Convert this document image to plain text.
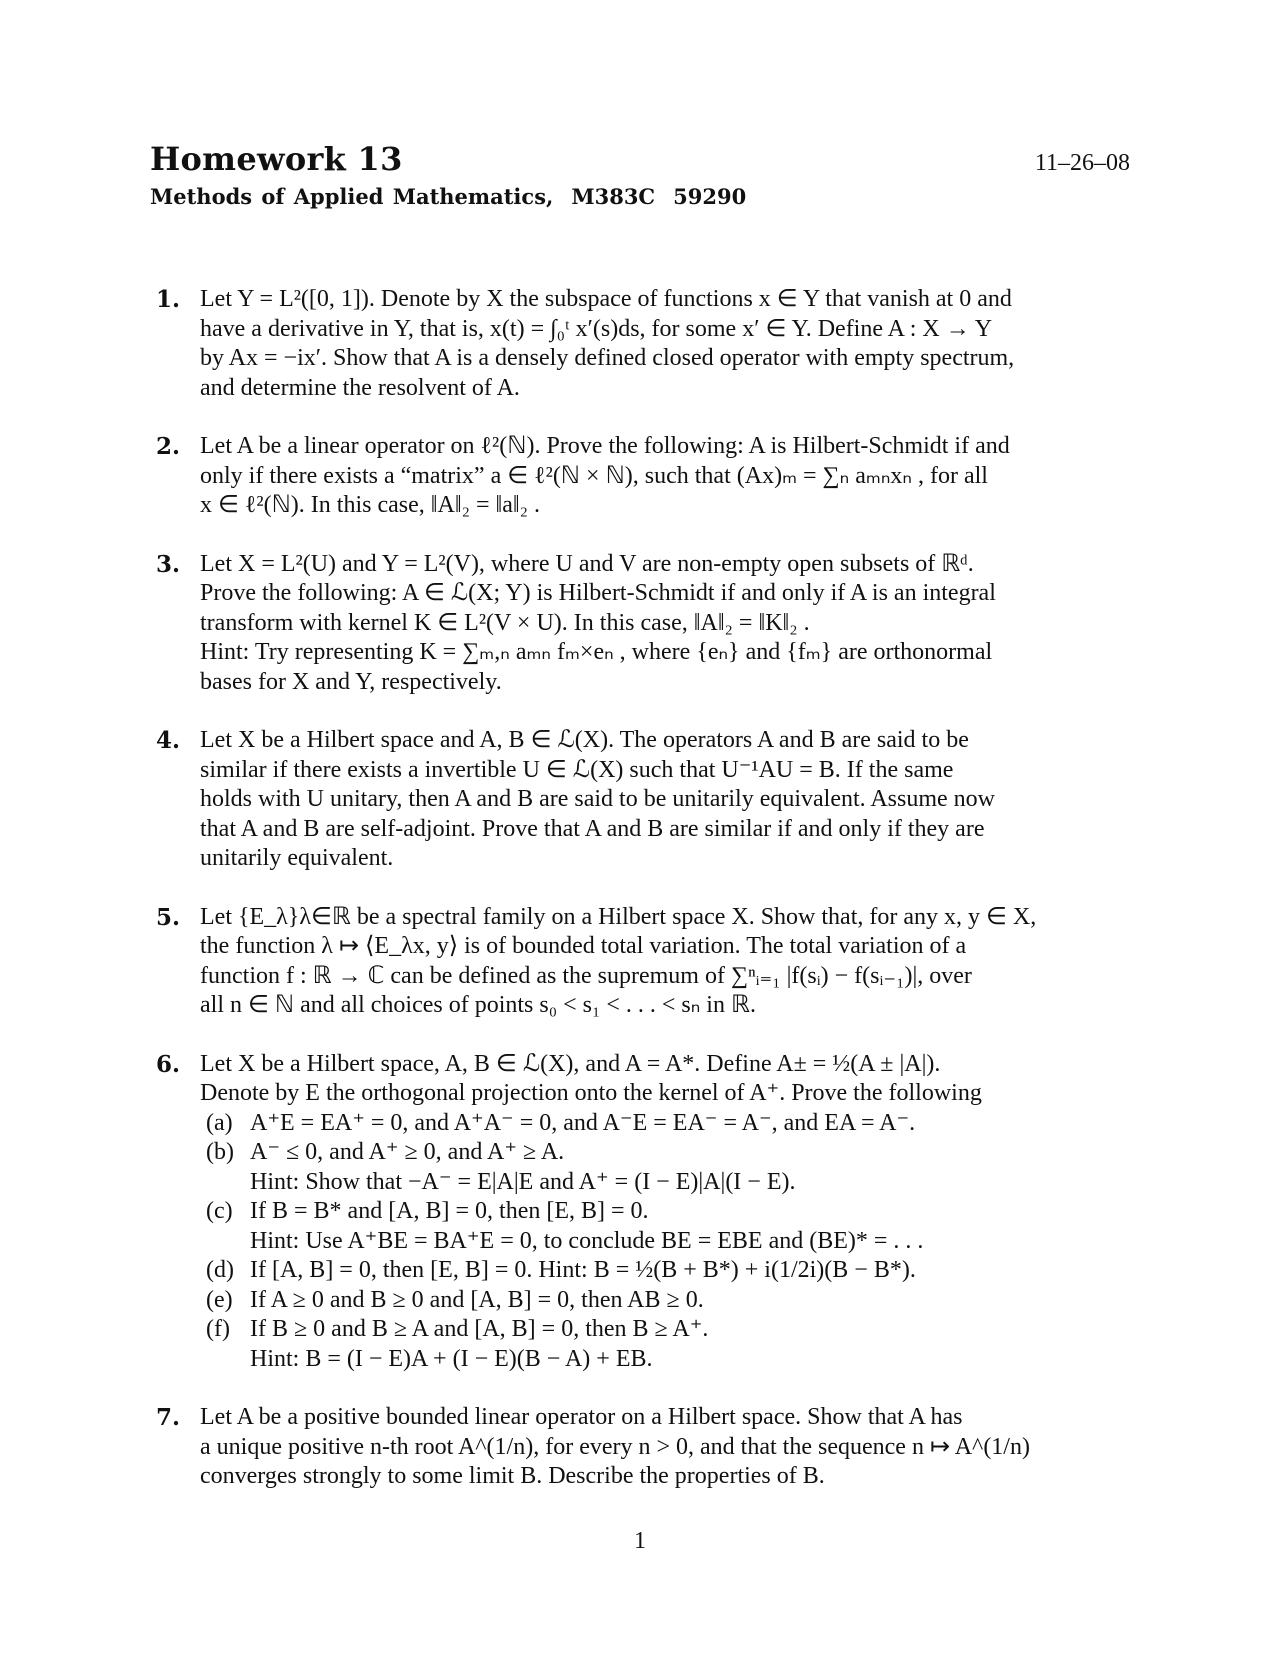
Homework 13	11–26–08
Methods of Applied Mathematics, M383C 59290
1. Let Y = L²([0, 1]). Denote by X the subspace of functions x ∈ Y that vanish at 0 and
have a derivative in Y, that is, x(t) = ∫₀ᵗ x′(s)ds, for some x′ ∈ Y. Define A : X → Y
by Ax = −ix′. Show that A is a densely defined closed operator with empty spectrum,
and determine the resolvent of A.
2. Let A be a linear operator on ℓ²(ℕ). Prove the following: A is Hilbert-Schmidt if and
only if there exists a “matrix” a ∈ ℓ²(ℕ × ℕ), such that (Ax)ₘ = ∑ₙ aₘₙxₙ , for all
x ∈ ℓ²(ℕ). In this case, ‖A‖₂ = ‖a‖₂ .
3. Let X = L²(U) and Y = L²(V), where U and V are non-empty open subsets of ℝᵈ.
Prove the following: A ∈ ℒ(X; Y) is Hilbert-Schmidt if and only if A is an integral
transform with kernel K ∈ L²(V × U). In this case, ‖A‖₂ = ‖K‖₂ .
Hint: Try representing K = ∑ₘ,ₙ aₘₙ fₘ×eₙ , where {eₙ} and {fₘ} are orthonormal
bases for X and Y, respectively.
4. Let X be a Hilbert space and A, B ∈ ℒ(X). The operators A and B are said to be
similar if there exists a invertible U ∈ ℒ(X) such that U⁻¹AU = B. If the same
holds with U unitary, then A and B are said to be unitarily equivalent. Assume now
that A and B are self-adjoint. Prove that A and B are similar if and only if they are
unitarily equivalent.
5. Let {E_λ}λ∈ℝ be a spectral family on a Hilbert space X. Show that, for any x, y ∈ X,
the function λ ↦ ⟨E_λx, y⟩ is of bounded total variation. The total variation of a
function f : ℝ → ℂ can be defined as the supremum of ∑ⁿᵢ₌₁ |f(sᵢ) − f(sᵢ₋₁)|, over
all n ∈ ℕ and all choices of points s₀ < s₁ < . . . < sₙ in ℝ.
6. Let X be a Hilbert space, A, B ∈ ℒ(X), and A = A*. Define A± = ½(A ± |A|).
Denote by E the orthogonal projection onto the kernel of A⁺. Prove the following
(a) A⁺E = EA⁺ = 0, and A⁺A⁻ = 0, and A⁻E = EA⁻ = A⁻, and EA = A⁻.
(b) A⁻ ≤ 0, and A⁺ ≥ 0, and A⁺ ≥ A.
Hint: Show that −A⁻ = E|A|E and A⁺ = (I − E)|A|(I − E).
(c) If B = B* and [A, B] = 0, then [E, B] = 0.
Hint: Use A⁺BE = BA⁺E = 0, to conclude BE = EBE and (BE)* = . . .
(d) If [A, B] = 0, then [E, B] = 0. Hint: B = ½(B + B*) + i(1/2i)(B − B*).
(e) If A ≥ 0 and B ≥ 0 and [A, B] = 0, then AB ≥ 0.
(f) If B ≥ 0 and B ≥ A and [A, B] = 0, then B ≥ A⁺.
Hint: B = (I − E)A + (I − E)(B − A) + EB.
7. Let A be a positive bounded linear operator on a Hilbert space. Show that A has
a unique positive n-th root A^(1/n), for every n > 0, and that the sequence n ↦ A^(1/n)
converges strongly to some limit B. Describe the properties of B.
1
